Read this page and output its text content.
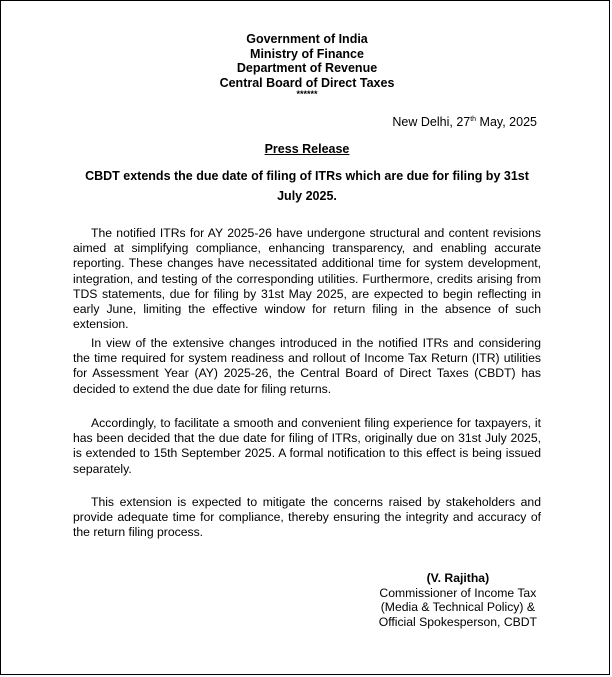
Government of India
Ministry of Finance
Department of Revenue
Central Board of Direct Taxes
******
New Delhi, 27th May, 2025
Press Release
CBDT extends the due date of filing of ITRs which are due for filing by 31st July 2025.

The notified ITRs for AY 2025-26 have undergone structural and content revisions aimed at simplifying compliance, enhancing transparency, and enabling accurate reporting. These changes have necessitated additional time for system development, integration, and testing of the corresponding utilities. Furthermore, credits arising from TDS statements, due for filing by 31st May 2025, are expected to begin reflecting in early June, limiting the effective window for return filing in the absence of such extension.

In view of the extensive changes introduced in the notified ITRs and considering the time required for system readiness and rollout of Income Tax Return (ITR) utilities for Assessment Year (AY) 2025-26, the Central Board of Direct Taxes (CBDT) has decided to extend the due date for filing returns.

Accordingly, to facilitate a smooth and convenient filing experience for taxpayers, it has been decided that the due date for filing of ITRs, originally due on 31st July 2025, is extended to 15th September 2025. A formal notification to this effect is being issued separately.

This extension is expected to mitigate the concerns raised by stakeholders and provide adequate time for compliance, thereby ensuring the integrity and accuracy of the return filing process.

(V. Rajitha)
Commissioner of Income Tax
(Media & Technical Policy) &
Official Spokesperson, CBDT
